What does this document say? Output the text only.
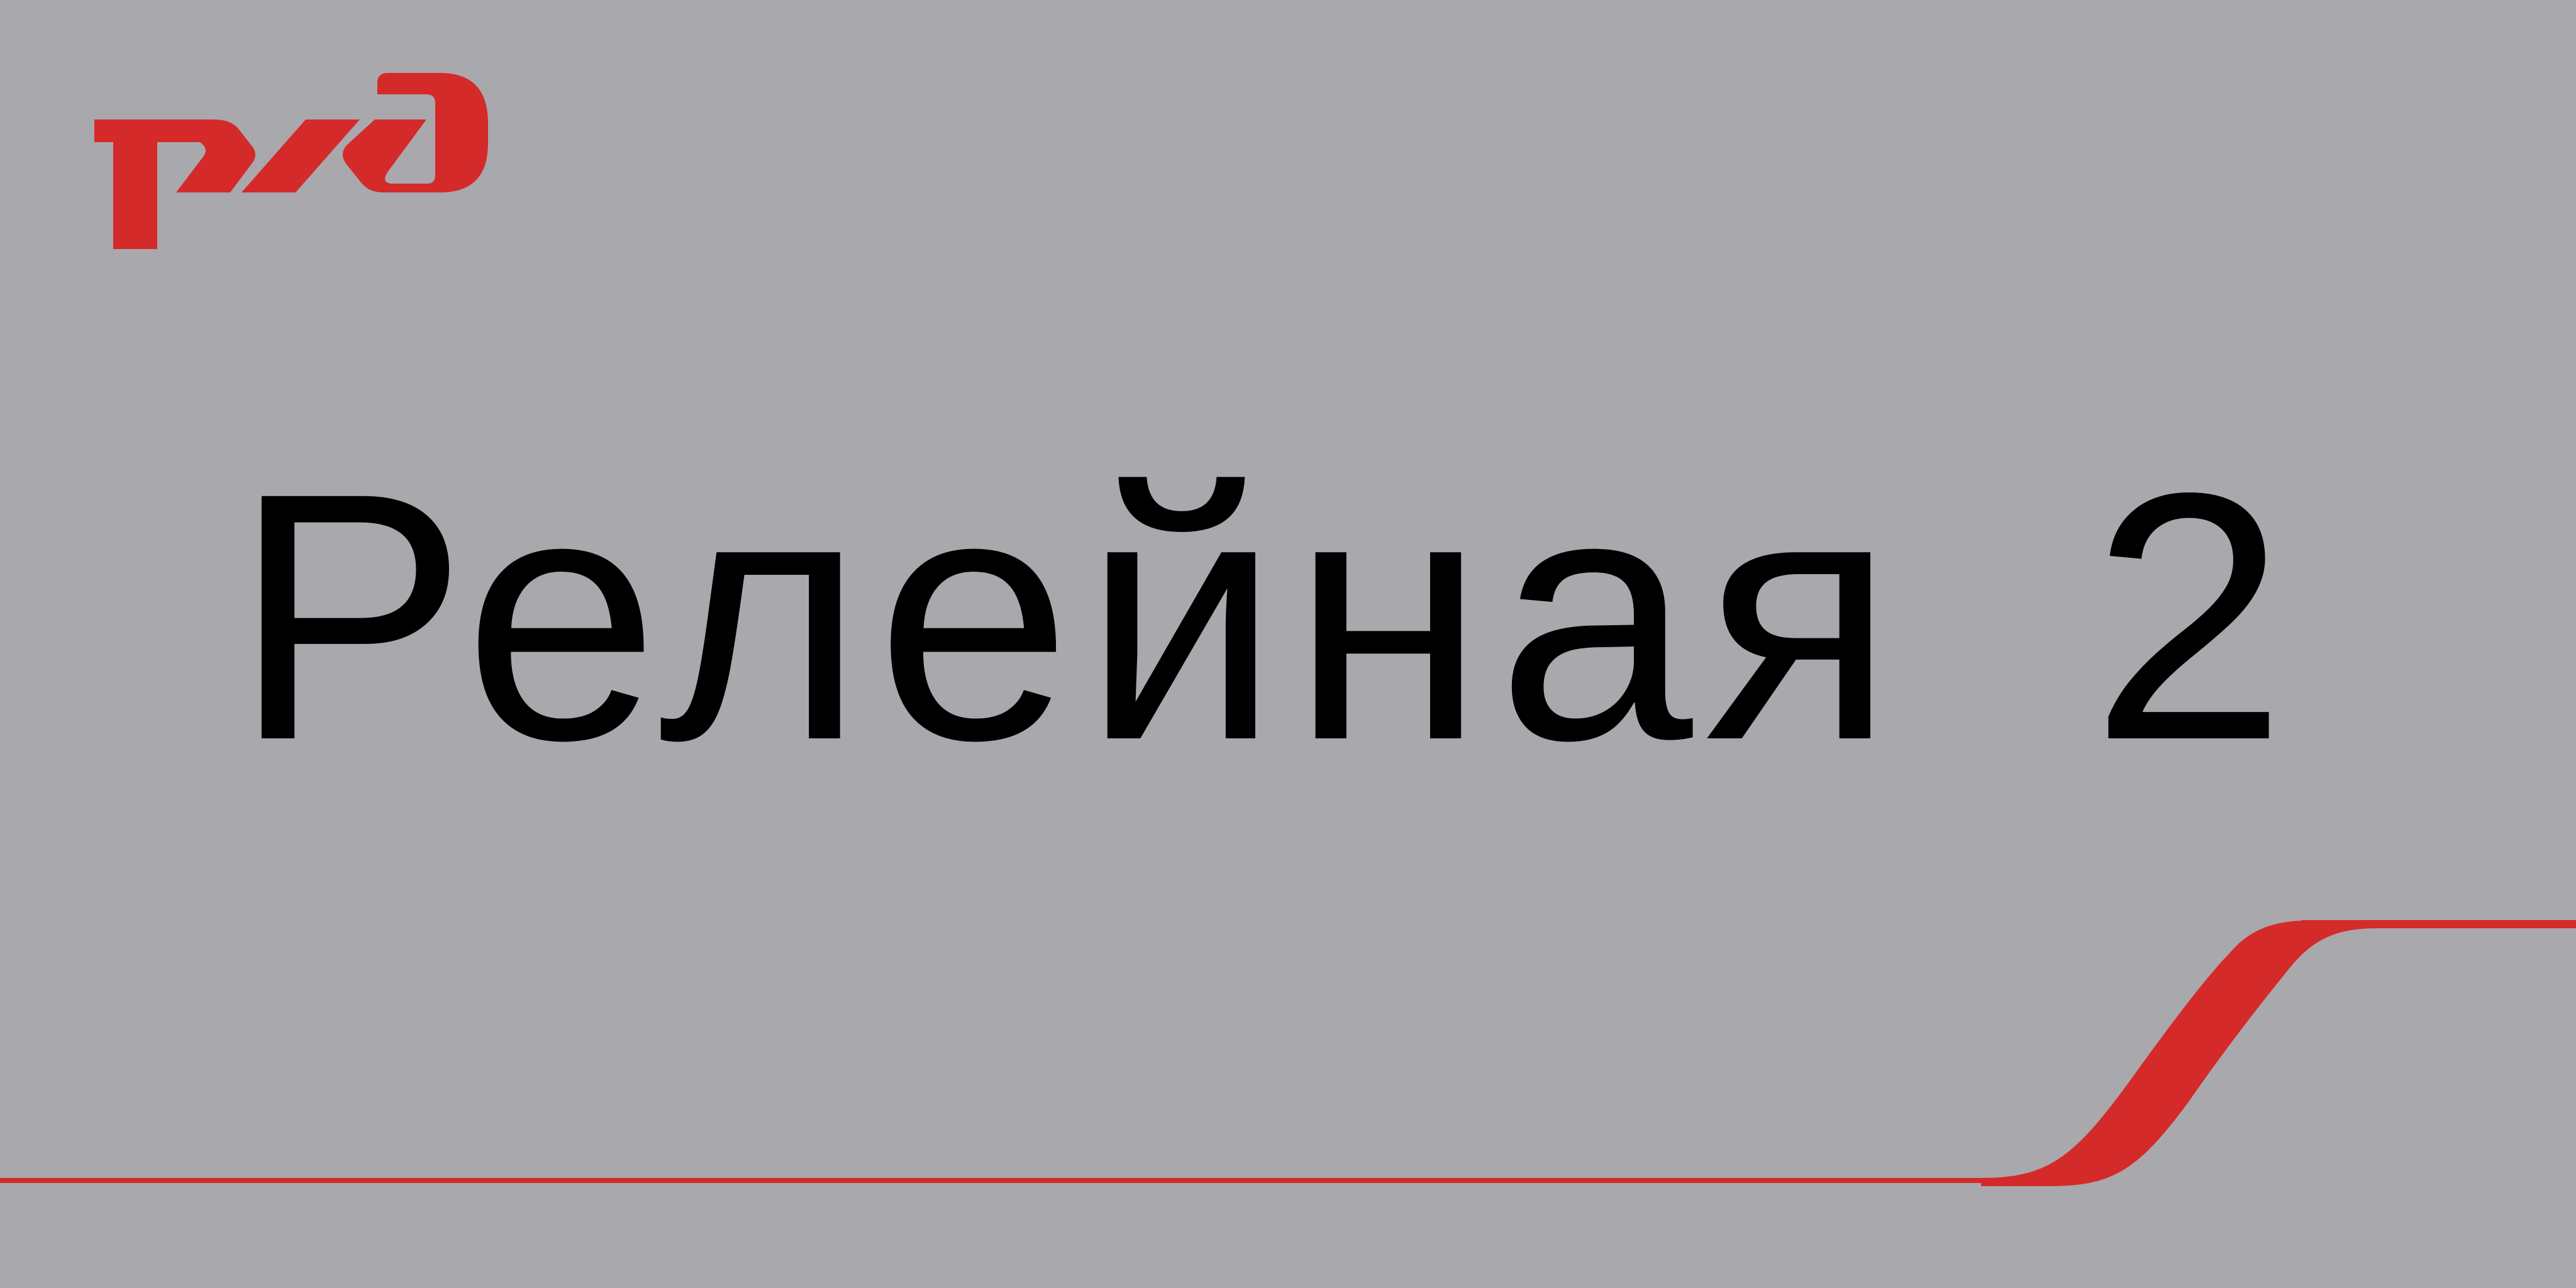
Релейная 2
